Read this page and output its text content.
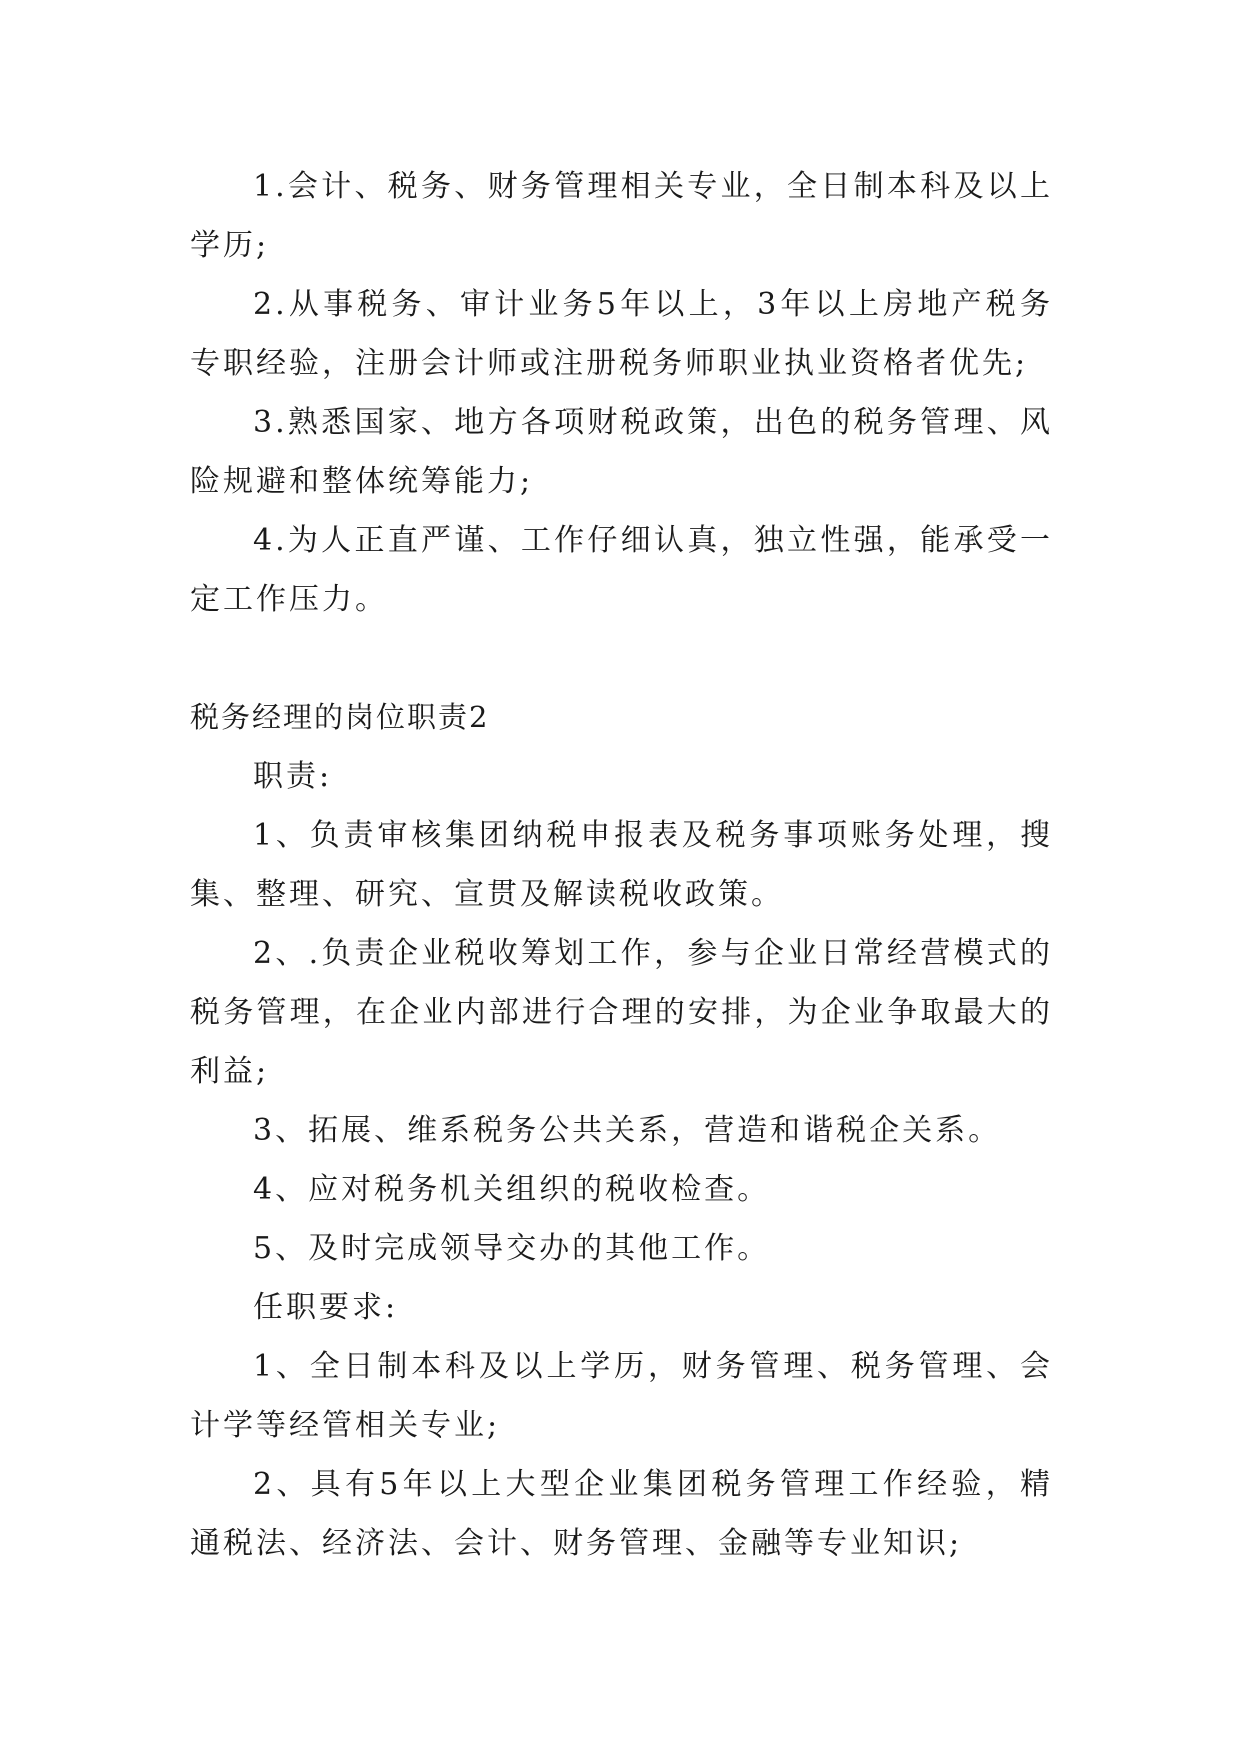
1.会计、税务、财务管理相关专业，全日制本科及以上学历;

2.从事税务、审计业务5年以上，3年以上房地产税务专职经验，注册会计师或注册税务师职业执业资格者优先;

3.熟悉国家、地方各项财税政策，出色的税务管理、风险规避和整体统筹能力;

4.为人正直严谨、工作仔细认真，独立性强，能承受一定工作压力。

税务经理的岗位职责2

职责:

1、负责审核集团纳税申报表及税务事项账务处理，搜集、整理、研究、宣贯及解读税收政策。

2、.负责企业税收筹划工作，参与企业日常经营模式的税务管理，在企业内部进行合理的安排，为企业争取最大的利益;

3、拓展、维系税务公共关系，营造和谐税企关系。

4、应对税务机关组织的税收检查。

5、及时完成领导交办的其他工作。

任职要求:

1、全日制本科及以上学历，财务管理、税务管理、会计学等经管相关专业;

2、具有5年以上大型企业集团税务管理工作经验，精通税法、经济法、会计、财务管理、金融等专业知识;
